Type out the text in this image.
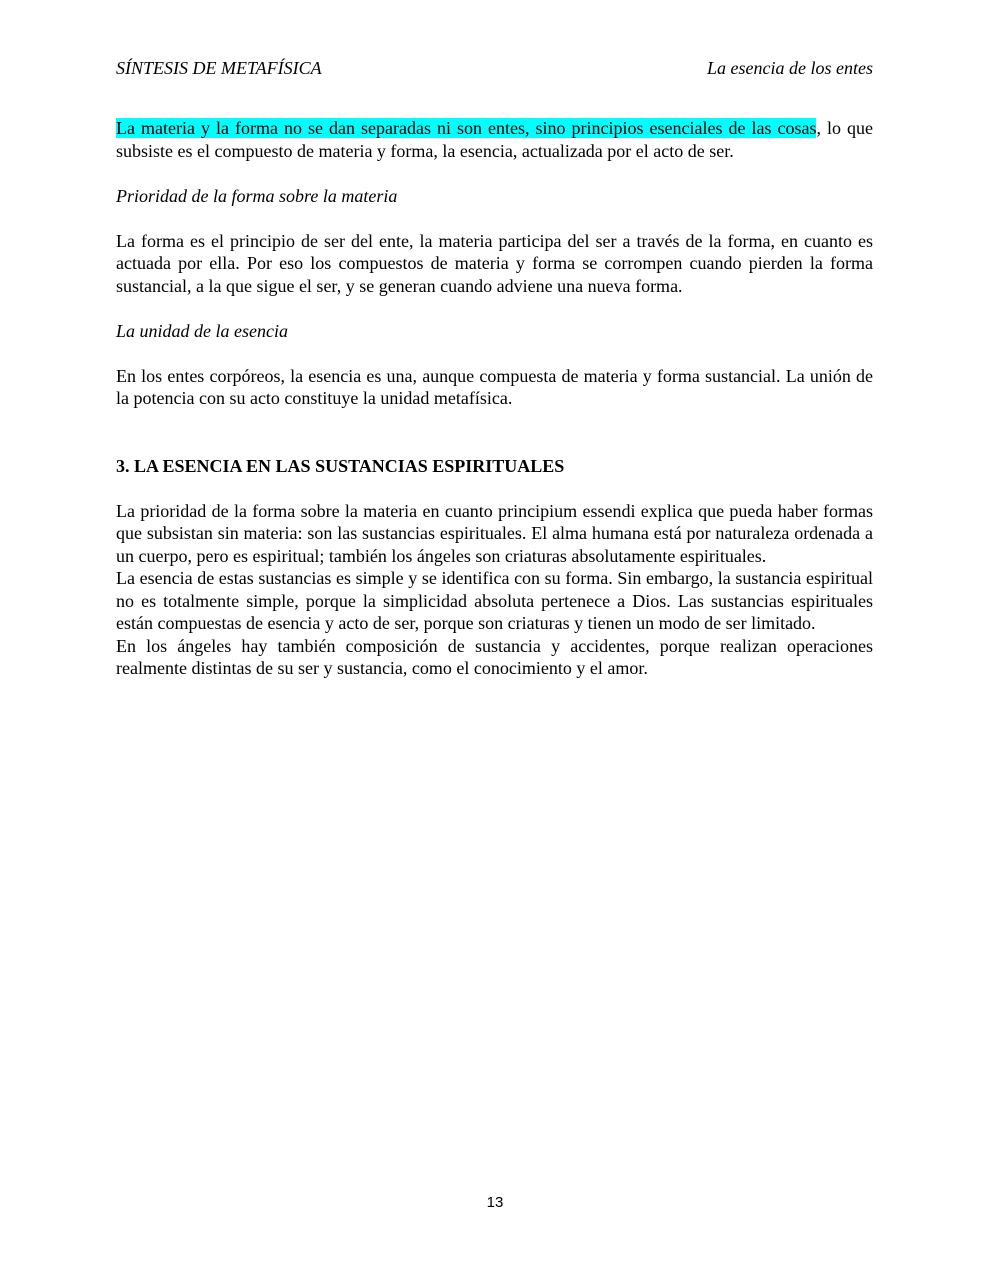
SÍNTESIS DE METAFÍSICA	La esencia de los entes

La materia y la forma no se dan separadas ni son entes, sino principios esenciales de las cosas, lo que subsiste es el compuesto de materia y forma, la esencia, actualizada por el acto de ser.

Prioridad de la forma sobre la materia

La forma es el principio de ser del ente, la materia participa del ser a través de la forma, en cuanto es actuada por ella. Por eso los compuestos de materia y forma se corrompen cuando pierden la forma sustancial, a la que sigue el ser, y se generan cuando adviene una nueva forma.

La unidad de la esencia

En los entes corpóreos, la esencia es una, aunque compuesta de materia y forma sustancial. La unión de la potencia con su acto constituye la unidad metafísica.

3. LA ESENCIA EN LAS SUSTANCIAS ESPIRITUALES

La prioridad de la forma sobre la materia en cuanto principium essendi explica que pueda haber formas que subsistan sin materia: son las sustancias espirituales. El alma humana está por naturaleza ordenada a un cuerpo, pero es espiritual; también los ángeles son criaturas absolutamente espirituales.

La esencia de estas sustancias es simple y se identifica con su forma. Sin embargo, la sustancia espiritual no es totalmente simple, porque la simplicidad absoluta pertenece a Dios. Las sustancias espirituales están compuestas de esencia y acto de ser, porque son criaturas y tienen un modo de ser limitado.

En los ángeles hay también composición de sustancia y accidentes, porque realizan operaciones realmente distintas de su ser y sustancia, como el conocimiento y el amor.

13
